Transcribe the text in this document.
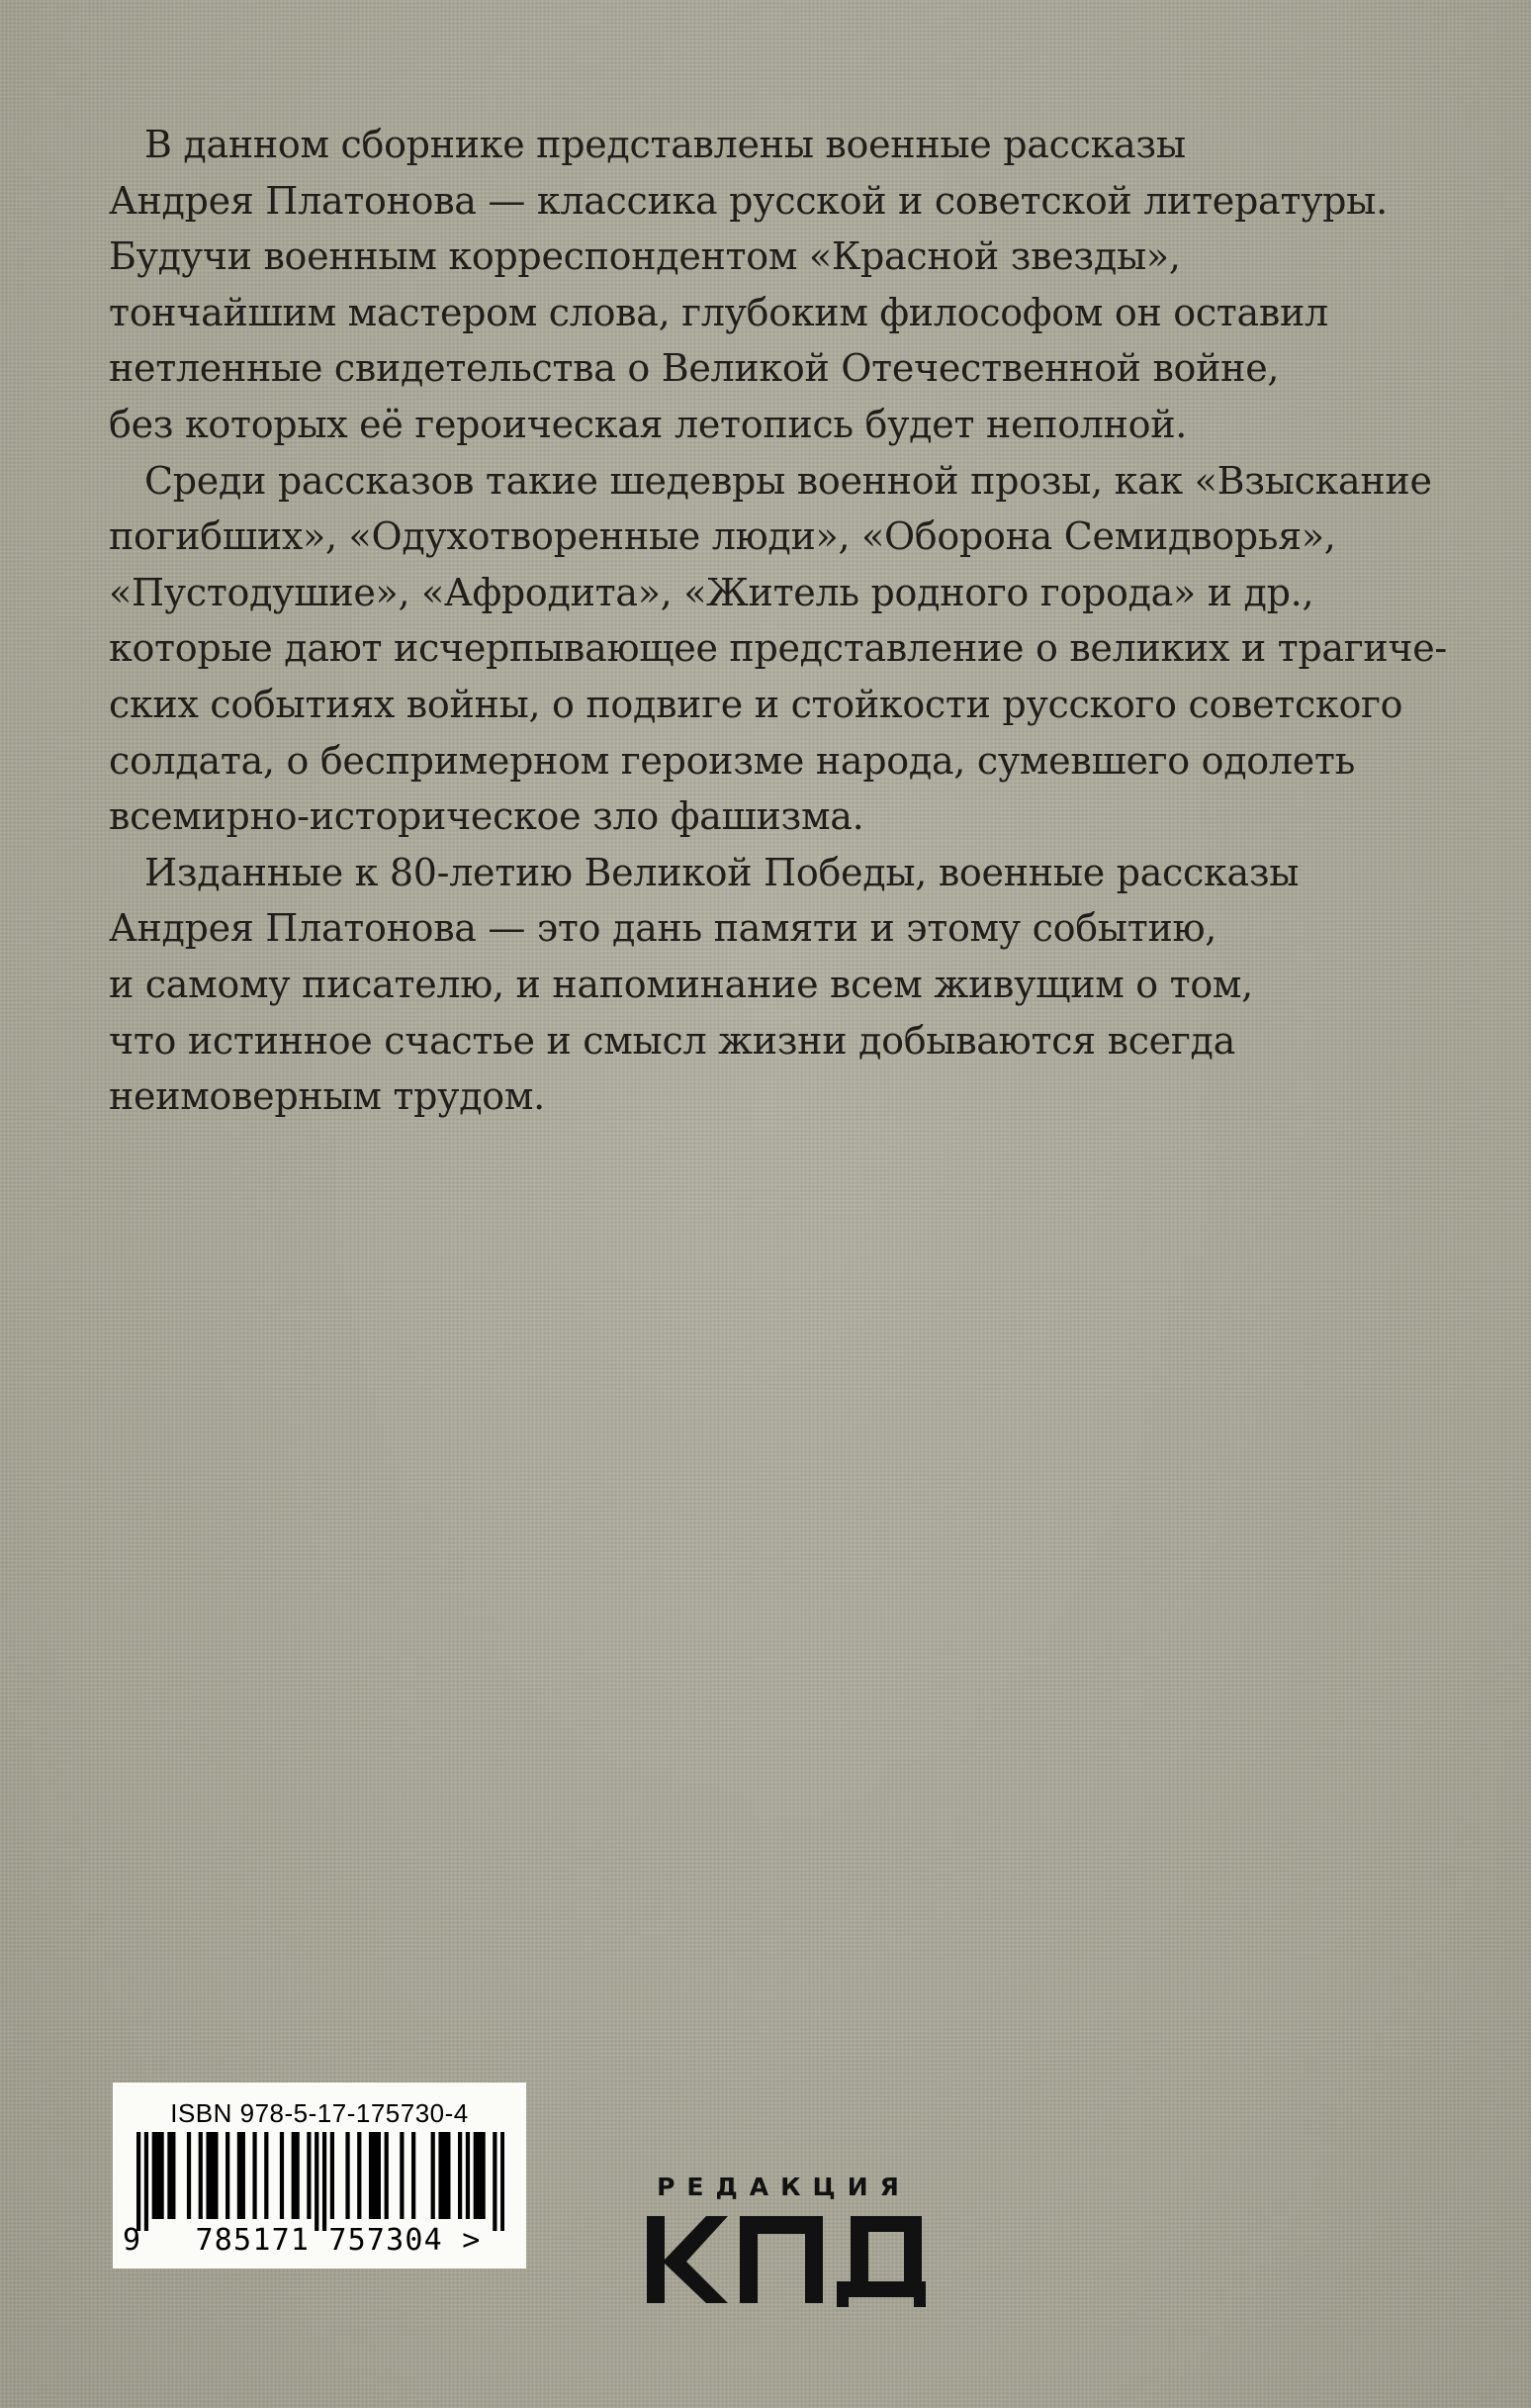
В данном сборнике представлены военные рассказы
Андрея Платонова — классика русской и советской литературы.
Будучи военным корреспондентом «Красной звезды»,
тончайшим мастером слова, глубоким философом он оставил
нетленные свидетельства о Великой Отечественной войне,
без которых её героическая летопись будет неполной.

Среди рассказов такие шедевры военной прозы, как «Взыскание
погибших», «Одухотворенные люди», «Оборона Семидворья»,
«Пустодушие», «Афродита», «Житель родного города» и др.,
которые дают исчерпывающее представление о великих и трагиче-
ских событиях войны, о подвиге и стойкости русского советского
солдата, о беспримерном героизме народа, сумевшего одолеть
всемирно-историческое зло фашизма.

Изданные к 80-летию Великой Победы, военные рассказы
Андрея Платонова — это дань памяти и этому событию,
и самому писателю, и напоминание всем живущим о том,
что истинное счастье и смысл жизни добываются всегда
неимоверным трудом.

ISBN 978-5-17-175730-4
9	785171 757304 >
РЕДАКЦИЯ
